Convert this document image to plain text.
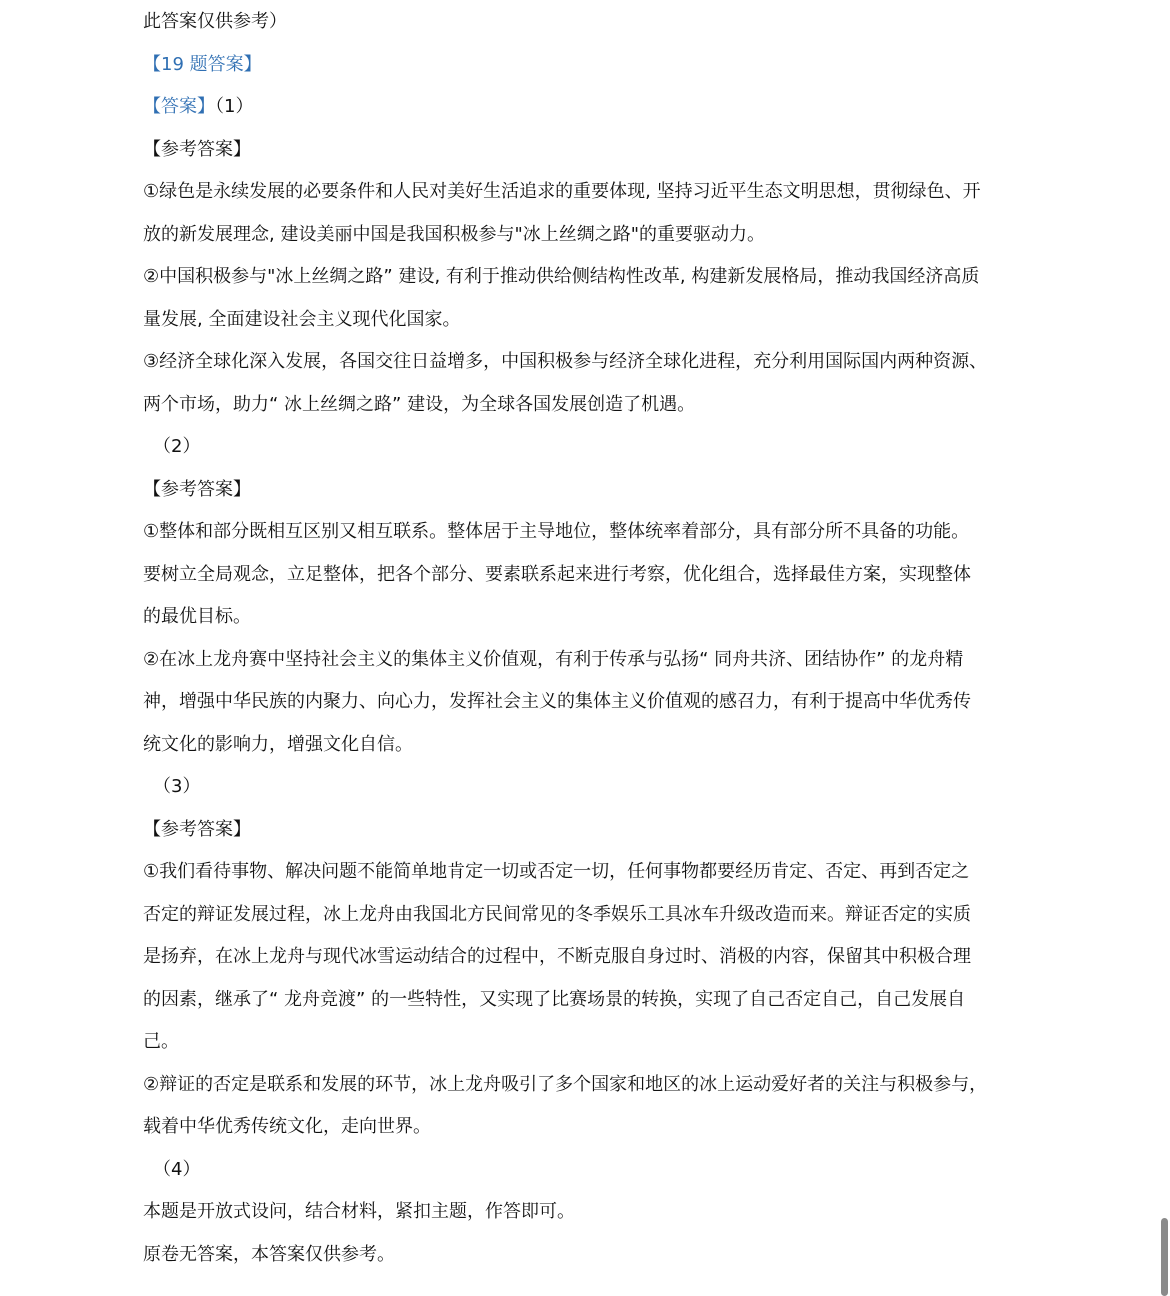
此答案仅供参考）
【19 题答案】
【答案】（1）
【参考答案】
①绿色是永续发展的必要条件和人民对美好生活追求的重要体现, 坚持习近平生态文明思想，贯彻绿色、开
放的新发展理念, 建设美丽中国是我国积极参与"冰上丝绸之路"的重要驱动力。
②中国积极参与"冰上丝绸之路” 建设, 有利于推动供给侧结构性改革, 构建新发展格局，推动我国经济高质
量发展, 全面建设社会主义现代化国家。
③经济全球化深入发展，各国交往日益增多，中国积极参与经济全球化进程，充分利用国际国内两种资源、
两个市场，助力“ 冰上丝绸之路” 建设，为全球各国发展创造了机遇。
（2）
【参考答案】
①整体和部分既相互区别又相互联系。整体居于主导地位，整体统率着部分，具有部分所不具备的功能。
要树立全局观念，立足整体，把各个部分、要素联系起来进行考察，优化组合，选择最佳方案，实现整体
的最优目标。
②在冰上龙舟赛中坚持社会主义的集体主义价值观，有利于传承与弘扬“ 同舟共济、团结协作” 的龙舟精
神，增强中华民族的内聚力、向心力，发挥社会主义的集体主义价值观的感召力，有利于提高中华优秀传
统文化的影响力，增强文化自信。
（3）
【参考答案】
①我们看待事物、解决问题不能简单地肯定一切或否定一切，任何事物都要经历肯定、否定、再到否定之
否定的辩证发展过程，冰上龙舟由我国北方民间常见的冬季娱乐工具冰车升级改造而来。辩证否定的实质
是扬弃，在冰上龙舟与现代冰雪运动结合的过程中，不断克服自身过时、消极的内容，保留其中积极合理
的因素，继承了“ 龙舟竞渡” 的一些特性，又实现了比赛场景的转换，实现了自己否定自己，自己发展自
己。
②辩证的否定是联系和发展的环节，冰上龙舟吸引了多个国家和地区的冰上运动爱好者的关注与积极参与，
载着中华优秀传统文化，走向世界。
（4）
本题是开放式设问，结合材料，紧扣主题，作答即可。
原卷无答案，本答案仅供参考。
